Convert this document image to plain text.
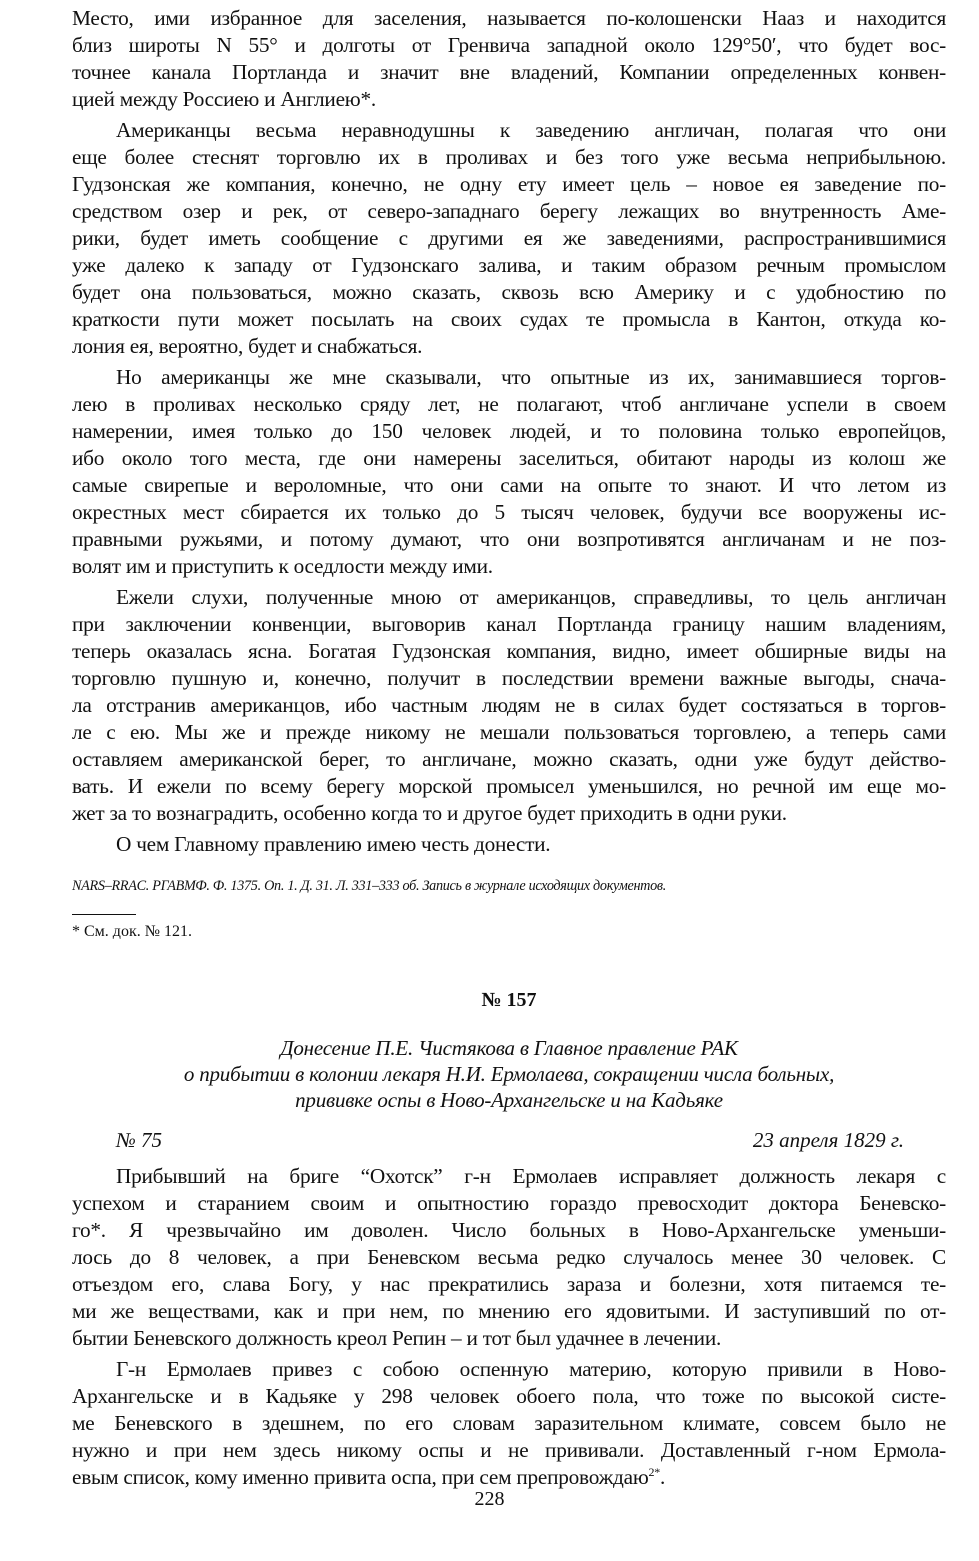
Место, ими избранное для заселения, называется по-колошенски Нааз и находится
близ широты N 55° и долготы от Гренвича западной около 129°50′, что будет вос-
точнее канала Портланда и значит вне владений, Компании определенных конвен-
цией между Россиею и Англиею*.
Американцы весьма неравнодушны к заведению англичан, полагая что они
еще более стеснят торговлю их в проливах и без того уже весьма неприбыльною.
Гудзонская же компания, конечно, не одну ету имеет цель – новое ея заведение по-
средством озер и рек, от северо-западнаго берегу лежащих во внутренность Аме-
рики, будет иметь сообщение с другими ея же заведениями, распространившимися
уже далеко к западу от Гудзонскаго залива, и таким образом речным промыслом
будет она пользоваться, можно сказать, сквозь всю Америку и с удобностию по
краткости пути может посылать на своих судах те промысла в Кантон, откуда ко-
лония ея, вероятно, будет и снабжаться.
Но американцы же мне сказывали, что опытные из их, занимавшиеся торгов-
лею в проливах несколько сряду лет, не полагают, чтоб англичане успели в своем
намерении, имея только до 150 человек людей, и то половина только европейцов,
ибо около того места, где они намерены заселиться, обитают народы из колош же
самые свирепые и вероломные, что они сами на опыте то знают. И что летом из
окрестных мест сбирается их только до 5 тысяч человек, будучи все вооружены ис-
правными ружьями, и потому думают, что они возпротивятся англичанам и не поз-
волят им и приступить к оседлости между ими.
Ежели слухи, полученные мною от американцов, справедливы, то цель англичан
при заключении конвенции, выговорив канал Портланда границу нашим владениям,
теперь оказалась ясна. Богатая Гудзонская компания, видно, имеет обширные виды на
торговлю пушную и, конечно, получит в последствии времени важные выгоды, снача-
ла отстранив американцов, ибо частным людям не в силах будет состязаться в торгов-
ле с ею. Мы же и прежде никому не мешали пользоваться торговлею, а теперь сами
оставляем американской берег, то англичане, можно сказать, одни уже будут действо-
вать. И ежели по всему берегу морской промысел уменьшился, но речной им еще мо-
жет за то вознаградить, особенно когда то и другое будет приходить в одни руки.
О чем Главному правлению имею честь донести.
NARS–RRAC. РГАВМФ. Ф. 1375. Оп. 1. Д. 31. Л. 331–333 об. Запись в журнале исходящих документов.
* См. док. № 121.
№ 157
Донесение П.Е. Чистякова в Главное правление РАК
о прибытии в колонии лекаря Н.И. Ермолаева, сокращении числа больных,
прививке оспы в Ново-Архангельске и на Кадьяке
№ 75	23 апреля 1829 г.
Прибывший на бриге “Охотск” г-н Ермолаев исправляет должность лекаря с
успехом и старанием своим и опытностию гораздо превосходит доктора Беневско-
го*. Я чрезвычайно им доволен. Число больных в Ново-Архангельске уменьши-
лось до 8 человек, а при Беневском весьма редко случалось менее 30 человек. С
отъездом его, слава Богу, у нас прекратились зараза и болезни, хотя питаемся те-
ми же веществами, как и при нем, по мнению его ядовитыми. И заступивший по от-
бытии Беневского должность креол Репин – и тот был удачнее в лечении.
Г-н Ермолаев привез с собою оспенную материю, которую привили в Ново-
Архангельске и в Кадьяке у 298 человек обоего пола, что тоже по высокой систе-
ме Беневского в здешнем, по его словам заразительном климате, совсем было не
нужно и при нем здесь никому оспы и не прививали. Доставленный г-ном Ермола-
евым список, кому именно привита оспа, при сем препровождаю$^{2*}$.
228
